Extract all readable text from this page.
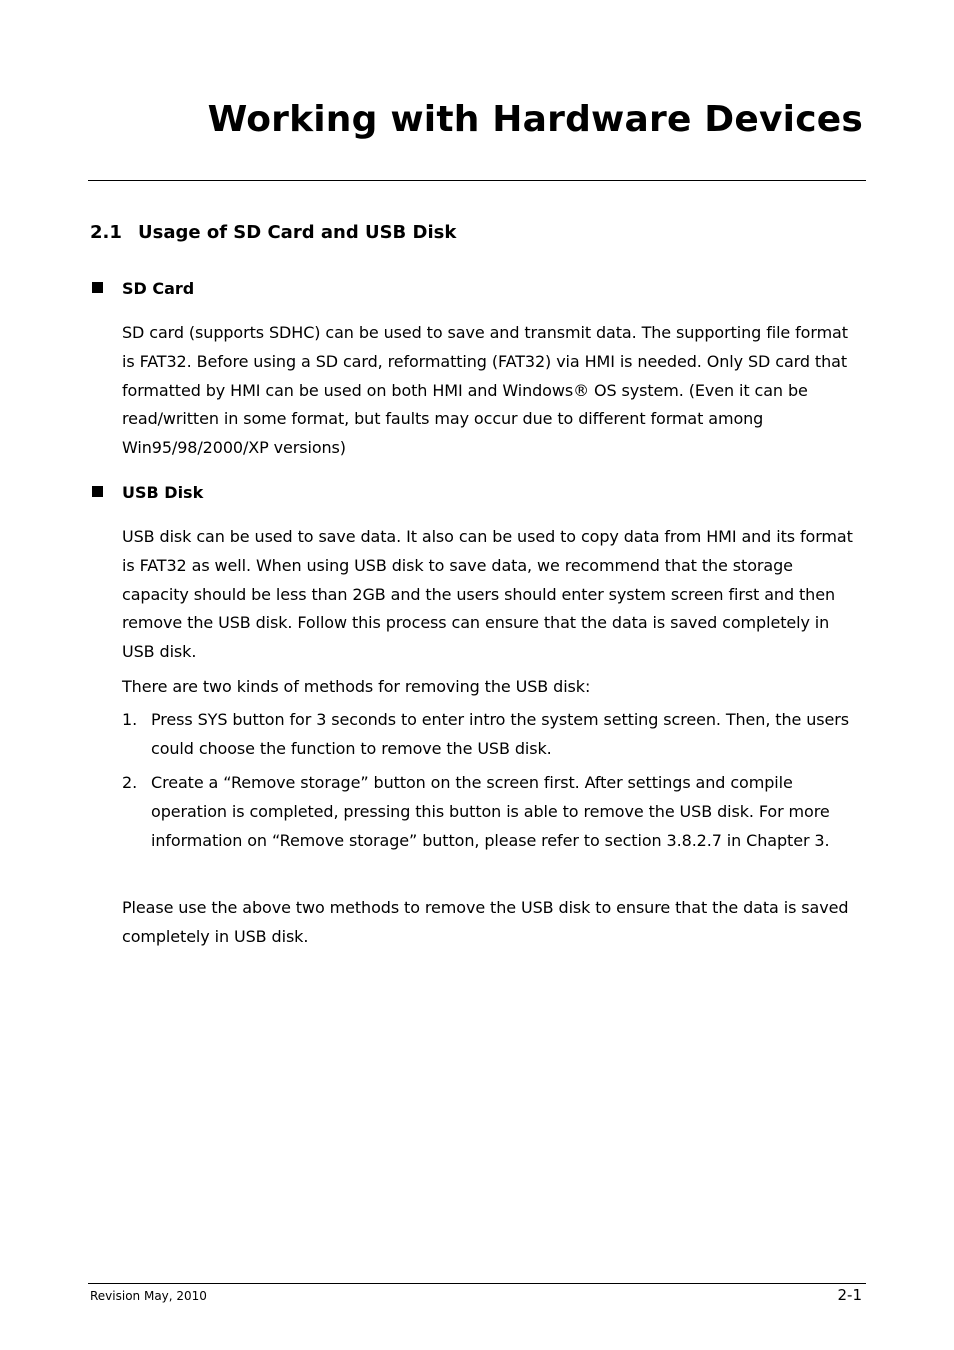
Working with Hardware Devices
2.1 Usage of SD Card and USB Disk
SD Card

SD card (supports SDHC) can be used to save and transmit data. The supporting file format is FAT32. Before using a SD card, reformatting (FAT32) via HMI is needed. Only SD card that formatted by HMI can be used on both HMI and Windows® OS system. (Even it can be read/written in some format, but faults may occur due to different format among Win95/98/2000/XP versions)

USB Disk

USB disk can be used to save data. It also can be used to copy data from HMI and its format is FAT32 as well. When using USB disk to save data, we recommend that the storage capacity should be less than 2GB and the users should enter system screen first and then remove the USB disk. Follow this process can ensure that the data is saved completely in USB disk.

There are two kinds of methods for removing the USB disk:

1. Press SYS button for 3 seconds to enter intro the system setting screen. Then, the users could choose the function to remove the USB disk.
2. Create a “Remove storage” button on the screen first. After settings and compile operation is completed, pressing this button is able to remove the USB disk. For more information on “Remove storage” button, please refer to section 3.8.2.7 in Chapter 3.

Please use the above two methods to remove the USB disk to ensure that the data is saved completely in USB disk.

Revision May, 2010	2-1
